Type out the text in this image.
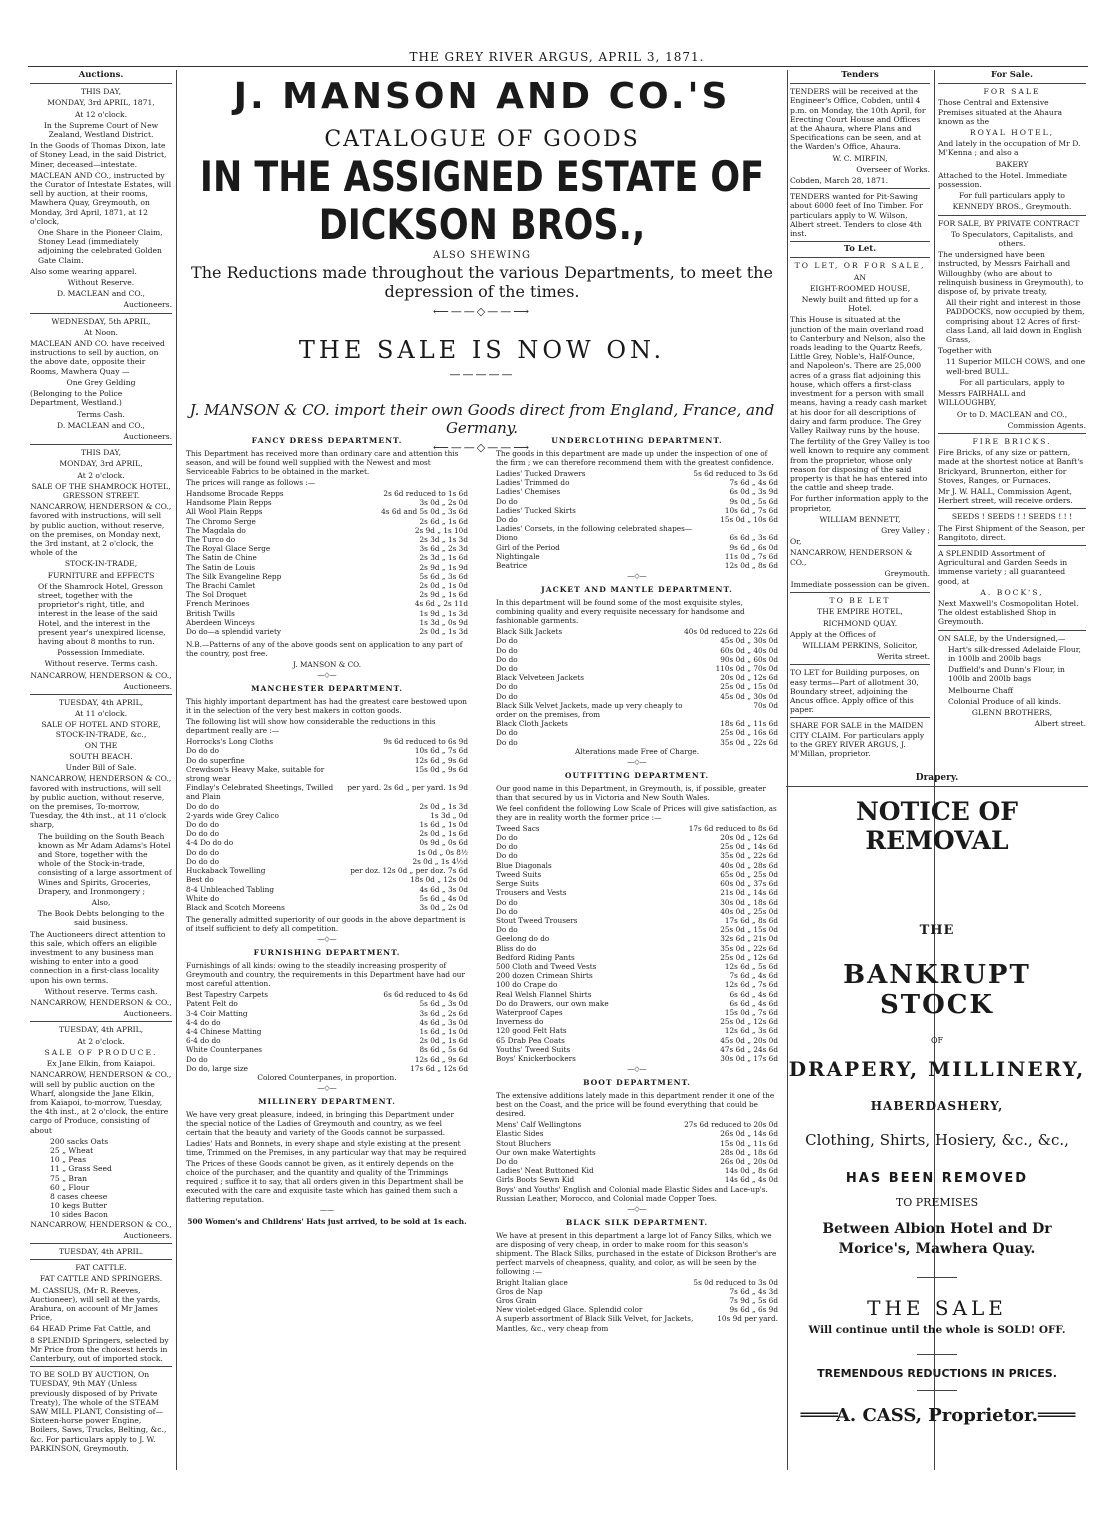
THE GREY RIVER ARGUS, APRIL 3, 1871.
Auctions.

THIS DAY,

MONDAY, 3rd APRIL, 1871,

At 12 o'clock.

In the Supreme Court of New Zealand, Westland District.

In the Goods of Thomas Dixon, late of Stoney Lead, in the said District, Miner, deceased—intestate.

MACLEAN AND CO., instructed by the Curator of Intestate Estates, will sell by auction, at their rooms, Mawhera Quay, Greymouth, on Monday, 3rd April, 1871, at 12 o'clock,

One Share in the Pioneer Claim, Stoney Lead (immediately adjoining the celebrated Golden Gate Claim.

Also some wearing apparel.

Without Reserve.

D. MACLEAN and CO.,

Auctioneers.

WEDNESDAY, 5th APRIL,

At Noon.

MACLEAN AND CO. have received instructions to sell by auction, on the above date, opposite their Rooms, Mawhera Quay —

One Grey Gelding

(Belonging to the Police Department, Westland.)

Terms Cash.

D. MACLEAN and CO.,

Auctioneers.

THIS DAY,

MONDAY, 3rd APRIL,

At 2 o'clock.

SALE OF THE SHAMROCK HOTEL, GRESSON STREET.

NANCARROW, HENDERSON & CO., favored with instructions, will sell by public auction, without reserve, on the premises, on Monday next, the 3rd instant, at 2 o'clock, the whole of the

STOCK-IN-TRADE,

FURNITURE and EFFECTS

Of the Shamrock Hotel, Gresson street, together with the proprietor's right, title, and interest in the lease of the said Hotel, and the interest in the present year's unexpired license, having about 8 months to run.

Possession Immediate.

Without reserve. Terms cash.

NANCARROW, HENDERSON & CO.,

Auctioneers.

TUESDAY, 4th APRIL,

At 11 o'clock.

SALE OF HOTEL AND STORE, STOCK-IN-TRADE, &c.,

ON THE

SOUTH BEACH.

Under Bill of Sale.

NANCARROW, HENDERSON & CO., favored with instructions, will sell by public auction, without reserve, on the premises, To-morrow, Tuesday, the 4th inst., at 11 o'clock sharp,

The building on the South Beach known as Mr Adam Adams's Hotel and Store, together with the whole of the Stock-in-trade, consisting of a large assortment of Wines and Spirits, Groceries, Drapery, and Ironmongery ;

Also,

The Book Debts belonging to the said business.

The Auctioneers direct attention to this sale, which offers an eligible investment to any business man wishing to enter into a good connection in a first-class locality upon his own terms.

Without reserve. Terms cash.

NANCARROW, HENDERSON & CO.,

Auctioneers.

TUESDAY, 4th APRIL,

At 2 o'clock.

SALE OF PRODUCE.

Ex Jane Elkin, from Kaiapoi.

NANCARROW, HENDERSON & CO., will sell by public auction on the Wharf, alongside the Jane Elkin, from Kaiapoi, to-morrow, Tuesday, the 4th inst., at 2 o'clock, the entire cargo of Produce, consisting of about

200 sacks Oats
25 „ Wheat
10 „ Peas
11 „ Grass Seed
75 „ Bran
60 „ Flour
8 cases cheese
10 kegs Butter
10 sides Bacon

NANCARROW, HENDERSON & CO.,

Auctioneers.

TUESDAY, 4th APRIL.

FAT CATTLE.

FAT CATTLE AND SPRINGERS.

M. CASSIUS, (Mr R. Reeves, Auctioneer), will sell at the yards, Arahura, on account of Mr James Price,

64 HEAD Prime Fat Cattle, and

8 SPLENDID Springers, selected by Mr Price from the choicest herds in Canterbury, out of imported stock.

TO BE SOLD BY AUCTION, On TUESDAY, 9th MAY (Unless previously disposed of by Private Treaty), The whole of the STEAM SAW MILL PLANT, Consisting of— Sixteen-horse power Engine, Boilers, Saws, Trucks, Belting, &c., &c. For particulars apply to J. W. PARKINSON, Greymouth.

J. MANSON AND CO.'S
CATALOGUE OF GOODS
IN THE ASSIGNED ESTATE OF DICKSON BROS.,
ALSO SHEWING
The Reductions made throughout the various Departments, to meet the depression of the times.
⟵——◇——⟶
THE SALE IS NOW ON.
—————
J. MANSON & CO. import their own Goods direct from England, France, and Germany.
⟵——◇——⟶
FANCY DRESS DEPARTMENT.

This Department has received more than ordinary care and attention this season, and will be found well supplied with the Newest and most Serviceable Fabrics to be obtained in the market.

The prices will range as follows :—

Handsome Brocade Repps	2s 6d reduced to 1s 6d
Handsome Plain Repps	3s 0d „ 2s 0d
All Wool Plain Repps	4s 6d and 5s 0d „ 3s 6d
The Chromo Serge	2s 6d „ 1s 6d
The Magdala do	2s 9d „ 1s 10d
The Turco do	2s 3d „ 1s 3d
The Royal Glace Serge	3s 6d „ 2s 3d
The Satin de Chine	2s 3d „ 1s 6d
The Satin de Louis	2s 9d „ 1s 9d
The Silk Evangeline Repp	5s 6d „ 3s 6d
The Brachi Camlet	2s 0d „ 1s 0d
The Sol Droquet	2s 9d „ 1s 6d
French Merinoes	4s 6d „ 2s 11d
British Twills	1s 9d „ 1s 3d
Aberdeen Winceys	1s 3d „ 0s 9d
Do do—a splendid variety	2s 0d „ 1s 3d

N.B.—Patterns of any of the above goods sent on application to any part of the country, post free.

J. MANSON & CO.

—◇—
MANCHESTER DEPARTMENT.

This highly important department has had the greatest care bestowed upon it in the selection of the very best makers in cotton goods.

The following list will show how considerable the reductions in this department really are :—

Horrocks's Long Cloths	9s 6d reduced to 6s 9d
Do do do	10s 6d „ 7s 6d
Do do superfine	12s 6d „ 9s 6d
Crewdson's Heavy Make, suitable for strong wear	15s 0d „ 9s 6d
Findlay's Celebrated Sheetings, Twilled and Plain	per yard. 2s 6d „ per yard. 1s 9d
Do do do	2s 0d „ 1s 3d
2-yards wide Grey Calico	1s 3d „ 0d
Do do do	1s 6d „ 1s 0d
Do do do	2s 0d „ 1s 6d
4-4 Do do do	0s 9d „ 0s 6d
Do do do	1s 0d „ 0s 8½
Do do do	2s 0d „ 1s 4½d
Huckaback Towelling	per doz. 12s 0d „ per doz. 7s 6d
Best do	18s 0d „ 12s 0d
8-4 Unbleached Tabling	4s 6d „ 3s 0d
White do	5s 6d „ 4s 0d
Black and Scotch Moreens	3s 0d „ 2s 0d

The generally admitted superiority of our goods in the above department is of itself sufficient to defy all competition.

—◇—
FURNISHING DEPARTMENT.

Furnishings of all kinds: owing to the steadily increasing prosperity of Greymouth and country, the requirements in this Department have had our most careful attention.

Best Tapestry Carpets	6s 6d reduced to 4s 6d
Patent Felt do	5s 6d „ 3s 0d
3-4 Coir Matting	3s 6d „ 2s 6d
4-4 do do	4s 6d „ 3s 0d
4-4 Chinese Matting	1s 6d „ 1s 0d
6-4 do do	2s 0d „ 1s 6d
White Counterpanes	8s 6d „ 5s 6d
Do do	12s 6d „ 9s 6d
Do do, large size	17s 6d „ 12s 6d

Colored Counterpanes, in proportion.

—◇—
MILLINERY DEPARTMENT.

We have very great pleasure, indeed, in bringing this Department under the special notice of the Ladies of Greymouth and country, as we feel certain that the beauty and variety of the Goods cannot be surpassed.

Ladies' Hats and Bonnets, in every shape and style existing at the present time, Trimmed on the Premises, in any particular way that may be required

The Prices of these Goods cannot be given, as it entirely depends on the choice of the purchaser, and the quantity and quality of the Trimmings required ; suffice it to say, that all orders given in this Department shall be executed with the care and exquisite taste which has gained them such a flattering reputation.

——

500 Women's and Childrens' Hats just arrived, to be sold at 1s each.

UNDERCLOTHING DEPARTMENT.

The goods in this department are made up under the inspection of one of the firm ; we can therefore recommend them with the greatest confidence.

Ladies' Tucked Drawers	5s 6d reduced to 3s 6d
Ladies' Trimmed do	7s 6d „ 4s 6d
Ladies' Chemises	6s 0d „ 3s 9d
Do do	9s 0d „ 5s 6d
Ladies' Tucked Skirts	10s 6d „ 7s 6d
Do do	15s 0d „ 10s 6d
Ladies' Corsets, in the following celebrated shapes—	
Diono	6s 6d „ 3s 6d
Girl of the Period	9s 6d „ 6s 0d
Nightingale	11s 0d „ 7s 6d
Beatrice	12s 0d „ 8s 6d
—◇—
JACKET AND MANTLE DEPARTMENT.

In this department will be found some of the most exquisite styles, combining quality and every requisite necessary for handsome and fashionable garments.

Black Silk Jackets	40s 0d reduced to 22s 6d
Do do	45s 0d „ 30s 0d
Do do	60s 0d „ 40s 0d
Do do	90s 0d „ 60s 0d
Do do	110s 0d „ 70s 0d
Black Velveteen Jackets	20s 0d „ 12s 6d
Do do	25s 0d „ 15s 0d
Do do	45s 0d „ 30s 0d
Black Silk Velvet Jackets, made up very cheaply to order on the premises, from	70s 0d
Black Cloth Jackets	18s 6d „ 11s 6d
Do do	25s 0d „ 16s 6d
Do do	35s 0d „ 22s 6d

Alterations made Free of Charge.

—◇—
OUTFITTING DEPARTMENT.

Our good name in this Department, in Greymouth, is, if possible, greater than that secured by us in Victoria and New South Wales.

We feel confident the following Low Scale of Prices will give satisfaction, as they are in reality worth the former price :—

Tweed Sacs	17s 6d reduced to 8s 6d
Do do	20s 0d „ 12s 6d
Do do	25s 0d „ 14s 6d
Do do	35s 0d „ 22s 6d
Blue Diagonals	40s 0d „ 28s 6d
Tweed Suits	65s 0d „ 25s 0d
Serge Suits	60s 0d „ 37s 6d
Trousers and Vests	21s 0d „ 14s 6d
Do do	30s 0d „ 18s 6d
Do do	40s 0d „ 25s 0d
Stout Tweed Trousers	17s 6d „ 8s 6d
Do do	25s 0d „ 15s 0d
Geelong do do	32s 6d „ 21s 0d
Bliss do do	35s 0d „ 22s 6d
Bedford Riding Pants	25s 0d „ 12s 6d
500 Cloth and Tweed Vests	12s 6d „ 5s 6d
200 dozen Crimean Shirts	7s 6d „ 4s 6d
100 do Crape do	12s 6d „ 7s 6d
Real Welsh Flannel Shirts	6s 6d „ 4s 6d
Do do Drawers, our own make	6s 6d „ 4s 6d
Waterproof Capes	15s 0d „ 7s 6d
Inverness do	25s 0d „ 12s 6d
120 good Felt Hats	12s 6d „ 3s 6d
65 Drab Pea Coats	45s 0d „ 20s 0d
Youths' Tweed Suits	47s 6d „ 24s 6d
Boys' Knickerbockers	30s 0d „ 17s 6d
—◇—
BOOT DEPARTMENT.

The extensive additions lately made in this department render it one of the best on the Coast, and the price will be found everything that could be desired.

Mens' Calf Wellingtons	27s 6d reduced to 20s 0d
Elastic Sides	26s 0d „ 14s 6d
Stout Bluchers	15s 0d „ 11s 6d
Our own make Watertights	28s 0d „ 18s 6d
Do do	26s 0d „ 20s 0d
Ladies' Neat Buttoned Kid	14s 0d „ 8s 6d
Girls Boots Sewn Kid	14s 6d „ 4s 0d

Boys' and Youths' English and Colonial made Elastic Sides and Lace-up's. Russian Leather, Morocco, and Colonial made Copper Toes.

—◇—
BLACK SILK DEPARTMENT.

We have at present in this department a large lot of Fancy Silks, which we are disposing of very cheap, in order to make room for this season's shipment. The Black Silks, purchased in the estate of Dickson Brother's are perfect marvels of cheapness, quality, and color, as will be seen by the following :—

Bright Italian glace	5s 0d reduced to 3s 0d
Gros de Nap	7s 6d „ 4s 3d
Gros Grain	7s 9d „ 5s 6d
New violet-edged Glace. Splendid color	9s 6d „ 6s 9d
A superb assortment of Black Silk Velvet, for Jackets, Mantles, &c., very cheap from	10s 9d per yard.
Tenders

TENDERS will be received at the Engineer's Office, Cobden, until 4 p.m. on Monday, the 10th April, for Erecting Court House and Offices at the Ahaura, where Plans and Specifications can be seen, and at the Warden's Office, Ahaura.

W. C. MIRFIN,

Overseer of Works.

Cobden, March 28, 1871.

TENDERS wanted for Pit-Sawing about 6000 feet of Ino Timber. For particulars apply to W. Wilson, Albert street. Tenders to close 4th inst.

To Let.

TO LET, OR FOR SALE,

AN

EIGHT-ROOMED HOUSE,

Newly built and fitted up for a Hotel.

This House is situated at the junction of the main overland road to Canterbury and Nelson, also the roads leading to the Quartz Reefs, Little Grey, Noble's, Half-Ounce, and Napoleon's. There are 25,000 acres of a grass flat adjoining this house, which offers a first-class investment for a person with small means, having a ready cash market at his door for all descriptions of dairy and farm produce. The Grey Valley Railway runs by the house.

The fertility of the Grey Valley is too well known to require any comment from the proprietor, whose only reason for disposing of the said property is that he has entered into the cattle and sheep trade.

For further information apply to the proprietor,

WILLIAM BENNETT,

Grey Valley ;

Or,

NANCARROW, HENDERSON & CO.,

Greymouth.

Immediate possession can be given.

TO BE LET

THE EMPIRE HOTEL,

RICHMOND QUAY.

Apply at the Offices of

WILLIAM PERKINS, Solicitor,

Werita street.

TO LET for Building purposes, on easy terms—Part of allotment 30, Boundary street, adjoining the Ancus office. Apply office of this paper.

SHARE FOR SALE in the MAIDEN CITY CLAIM. For particulars apply to the GREY RIVER ARGUS, J. M'Millan, proprietor.

For Sale.

FOR SALE

Those Central and Extensive Premises situated at the Ahaura known as the

ROYAL HOTEL,

And lately in the occupation of Mr D. M'Kenna ; and also a

BAKERY

Attached to the Hotel. Immediate possession.

For full particulars apply to

KENNEDY BROS., Greymouth.

FOR SALE, BY PRIVATE CONTRACT

To Speculators, Capitalists, and others.

The undersigned have been instructed, by Messrs Fairhall and Willoughby (who are about to relinquish business in Greymouth), to dispose of, by private treaty,

All their right and interest in those PADDOCKS, now occupied by them, comprising about 12 Acres of first-class Land, all laid down in English Grass,

Together with

11 Superior MILCH COWS, and one well-bred BULL.

For all particulars, apply to

Messrs FAIRHALL and WILLOUGHBY,

Or to D. MACLEAN and CO.,

Commission Agents.

FIRE BRICKS.

Fire Bricks, of any size or pattern, made at the shortest notice at Banft's Brickyard, Brunnerton, either for Stoves, Ranges, or Furnaces.

Mr J. W. HALL, Commission Agent, Herbert street, will receive orders.

SEEDS ! SEEDS ! ! SEEDS ! ! !

The First Shipment of the Season, per Rangitoto, direct.

A SPLENDID Assortment of Agricultural and Garden Seeds in immense variety ; all guaranteed good, at

A. BOCK'S,

Next Maxwell's Cosmopolitan Hotel. The oldest established Shop in Greymouth.

ON SALE, by the Undersigned,—

Hart's silk-dressed Adelaide Flour, in 100lb and 200lb bags

Duffield's and Dunn's Flour, in 100lb and 200lb bags

Melbourne Chaff

Colonial Produce of all kinds.

GLENN BROTHERS,

Albert street.

Drapery.
NOTICE OF REMOVAL
THE
BANKRUPT STOCK
OF
DRAPERY, MILLINERY,
HABERDASHERY,
Clothing, Shirts, Hosiery, &c., &c.,
HAS BEEN REMOVED
TO PREMISES
Between Albion Hotel and Dr Morice's, Mawhera Quay.
THE SALE
Will continue until the whole is SOLD! OFF.
TREMENDOUS REDUCTIONS IN PRICES.
════A. CASS, Proprietor.════
